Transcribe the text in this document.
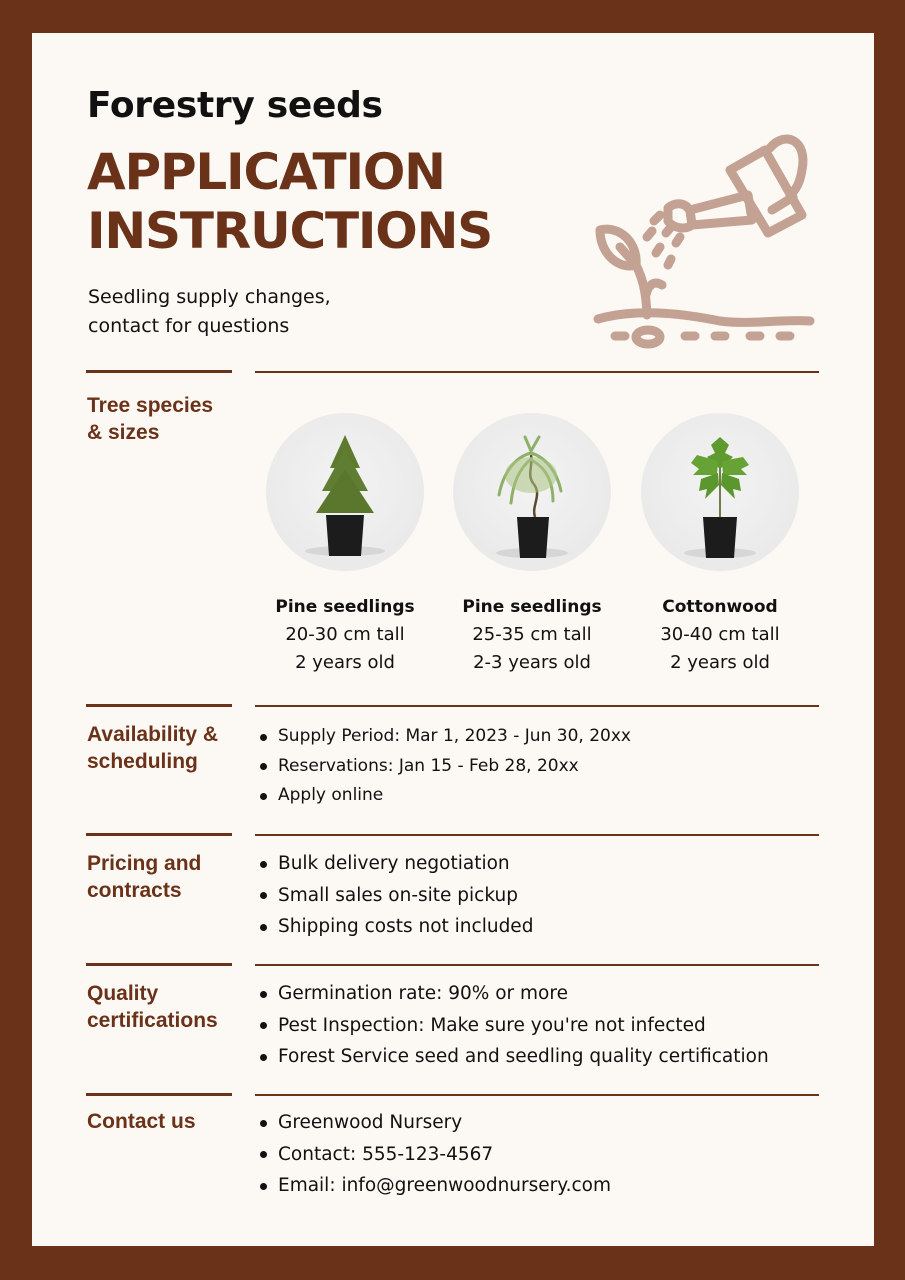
Forestry seeds
APPLICATION
INSTRUCTIONS
Seedling supply changes,
contact for questions
Tree species
& sizes
Pine seedlings
20-30 cm tall
2 years old
Pine seedlings
25-35 cm tall
2-3 years old
Cottonwood
30-40 cm tall
2 years old
Availability &
scheduling
Supply Period: Mar 1, 2023 - Jun 30, 20xx
Reservations: Jan 15 - Feb 28, 20xx
Apply online
Pricing and
contracts
Bulk delivery negotiation
Small sales on-site pickup
Shipping costs not included
Quality
certifications
Germination rate: 90% or more
Pest Inspection: Make sure you're not infected
Forest Service seed and seedling quality certification
Contact us	Greenwood Nursery
Contact: 555-123-4567
Email: info@greenwoodnursery.com
